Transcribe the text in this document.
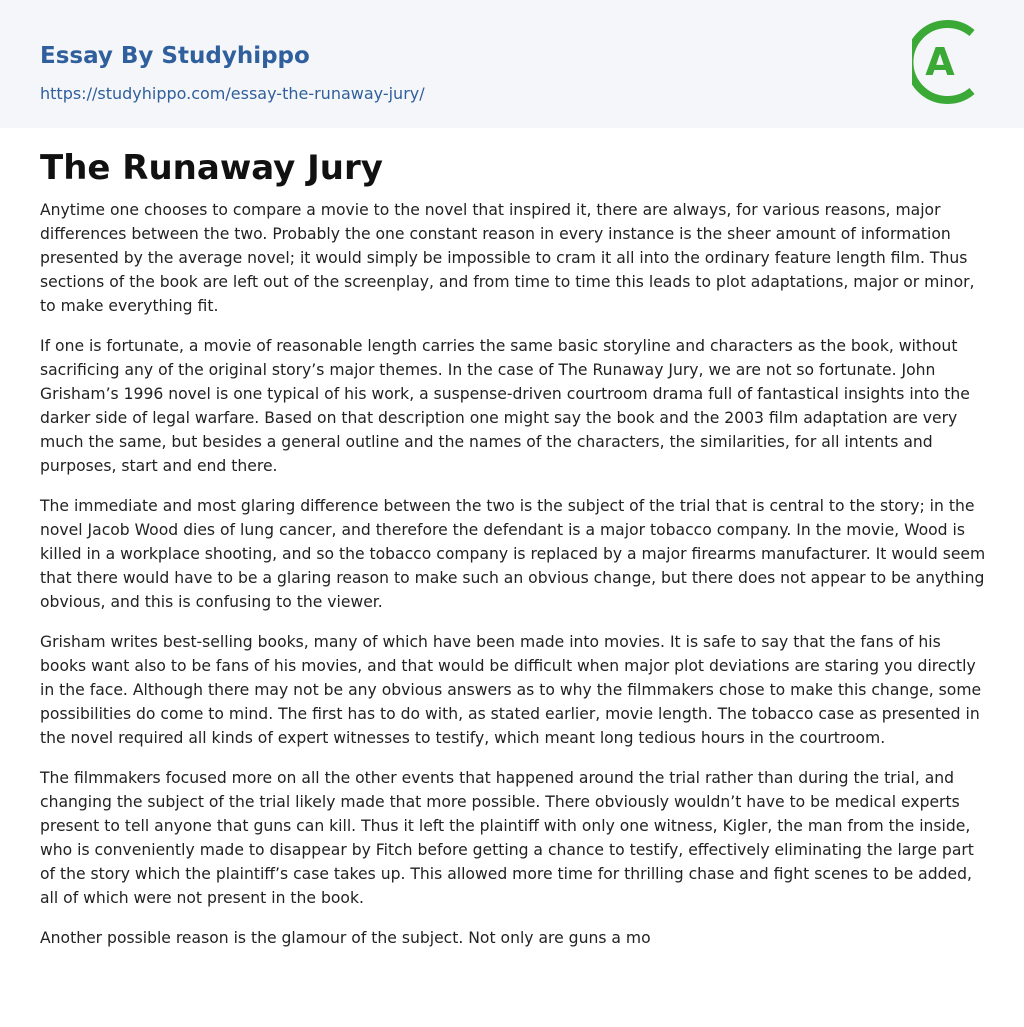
Essay By Studyhippo
https://studyhippo.com/essay-the-runaway-jury/
A
The Runaway Jury

Anytime one chooses to compare a movie to the novel that inspired it, there are always, for various reasons, major differences between the two. Probably the one constant reason in every instance is the sheer amount of information presented by the average novel; it would simply be impossible to cram it all into the ordinary feature length film. Thus sections of the book are left out of the screenplay, and from time to time this leads to plot adaptations, major or minor, to make everything fit.

If one is fortunate, a movie of reasonable length carries the same basic storyline and characters as the book, without sacrificing any of the original story’s major themes. In the case of The Runaway Jury, we are not so fortunate. John Grisham’s 1996 novel is one typical of his work, a suspense-driven courtroom drama full of fantastical insights into the darker side of legal warfare. Based on that description one might say the book and the 2003 film adaptation are very much the same, but besides a general outline and the names of the characters, the similarities, for all intents and purposes, start and end there.

The immediate and most glaring difference between the two is the subject of the trial that is central to the story; in the novel Jacob Wood dies of lung cancer, and therefore the defendant is a major tobacco company. In the movie, Wood is killed in a workplace shooting, and so the tobacco company is replaced by a major firearms manufacturer. It would seem that there would have to be a glaring reason to make such an obvious change, but there does not appear to be anything obvious, and this is confusing to the viewer.

Grisham writes best-selling books, many of which have been made into movies. It is safe to say that the fans of his books want also to be fans of his movies, and that would be difficult when major plot deviations are staring you directly in the face. Although there may not be any obvious answers as to why the filmmakers chose to make this change, some possibilities do come to mind. The first has to do with, as stated earlier, movie length. The tobacco case as presented in the novel required all kinds of expert witnesses to testify, which meant long tedious hours in the courtroom.

The filmmakers focused more on all the other events that happened around the trial rather than during the trial, and changing the subject of the trial likely made that more possible. There obviously wouldn’t have to be medical experts present to tell anyone that guns can kill. Thus it left the plaintiff with only one witness, Kigler, the man from the inside, who is conveniently made to disappear by Fitch before getting a chance to testify, effectively eliminating the large part of the story which the plaintiff’s case takes up. This allowed more time for thrilling chase and fight scenes to be added, all of which were not present in the book.

Another possible reason is the glamour of the subject. Not only are guns a mo
